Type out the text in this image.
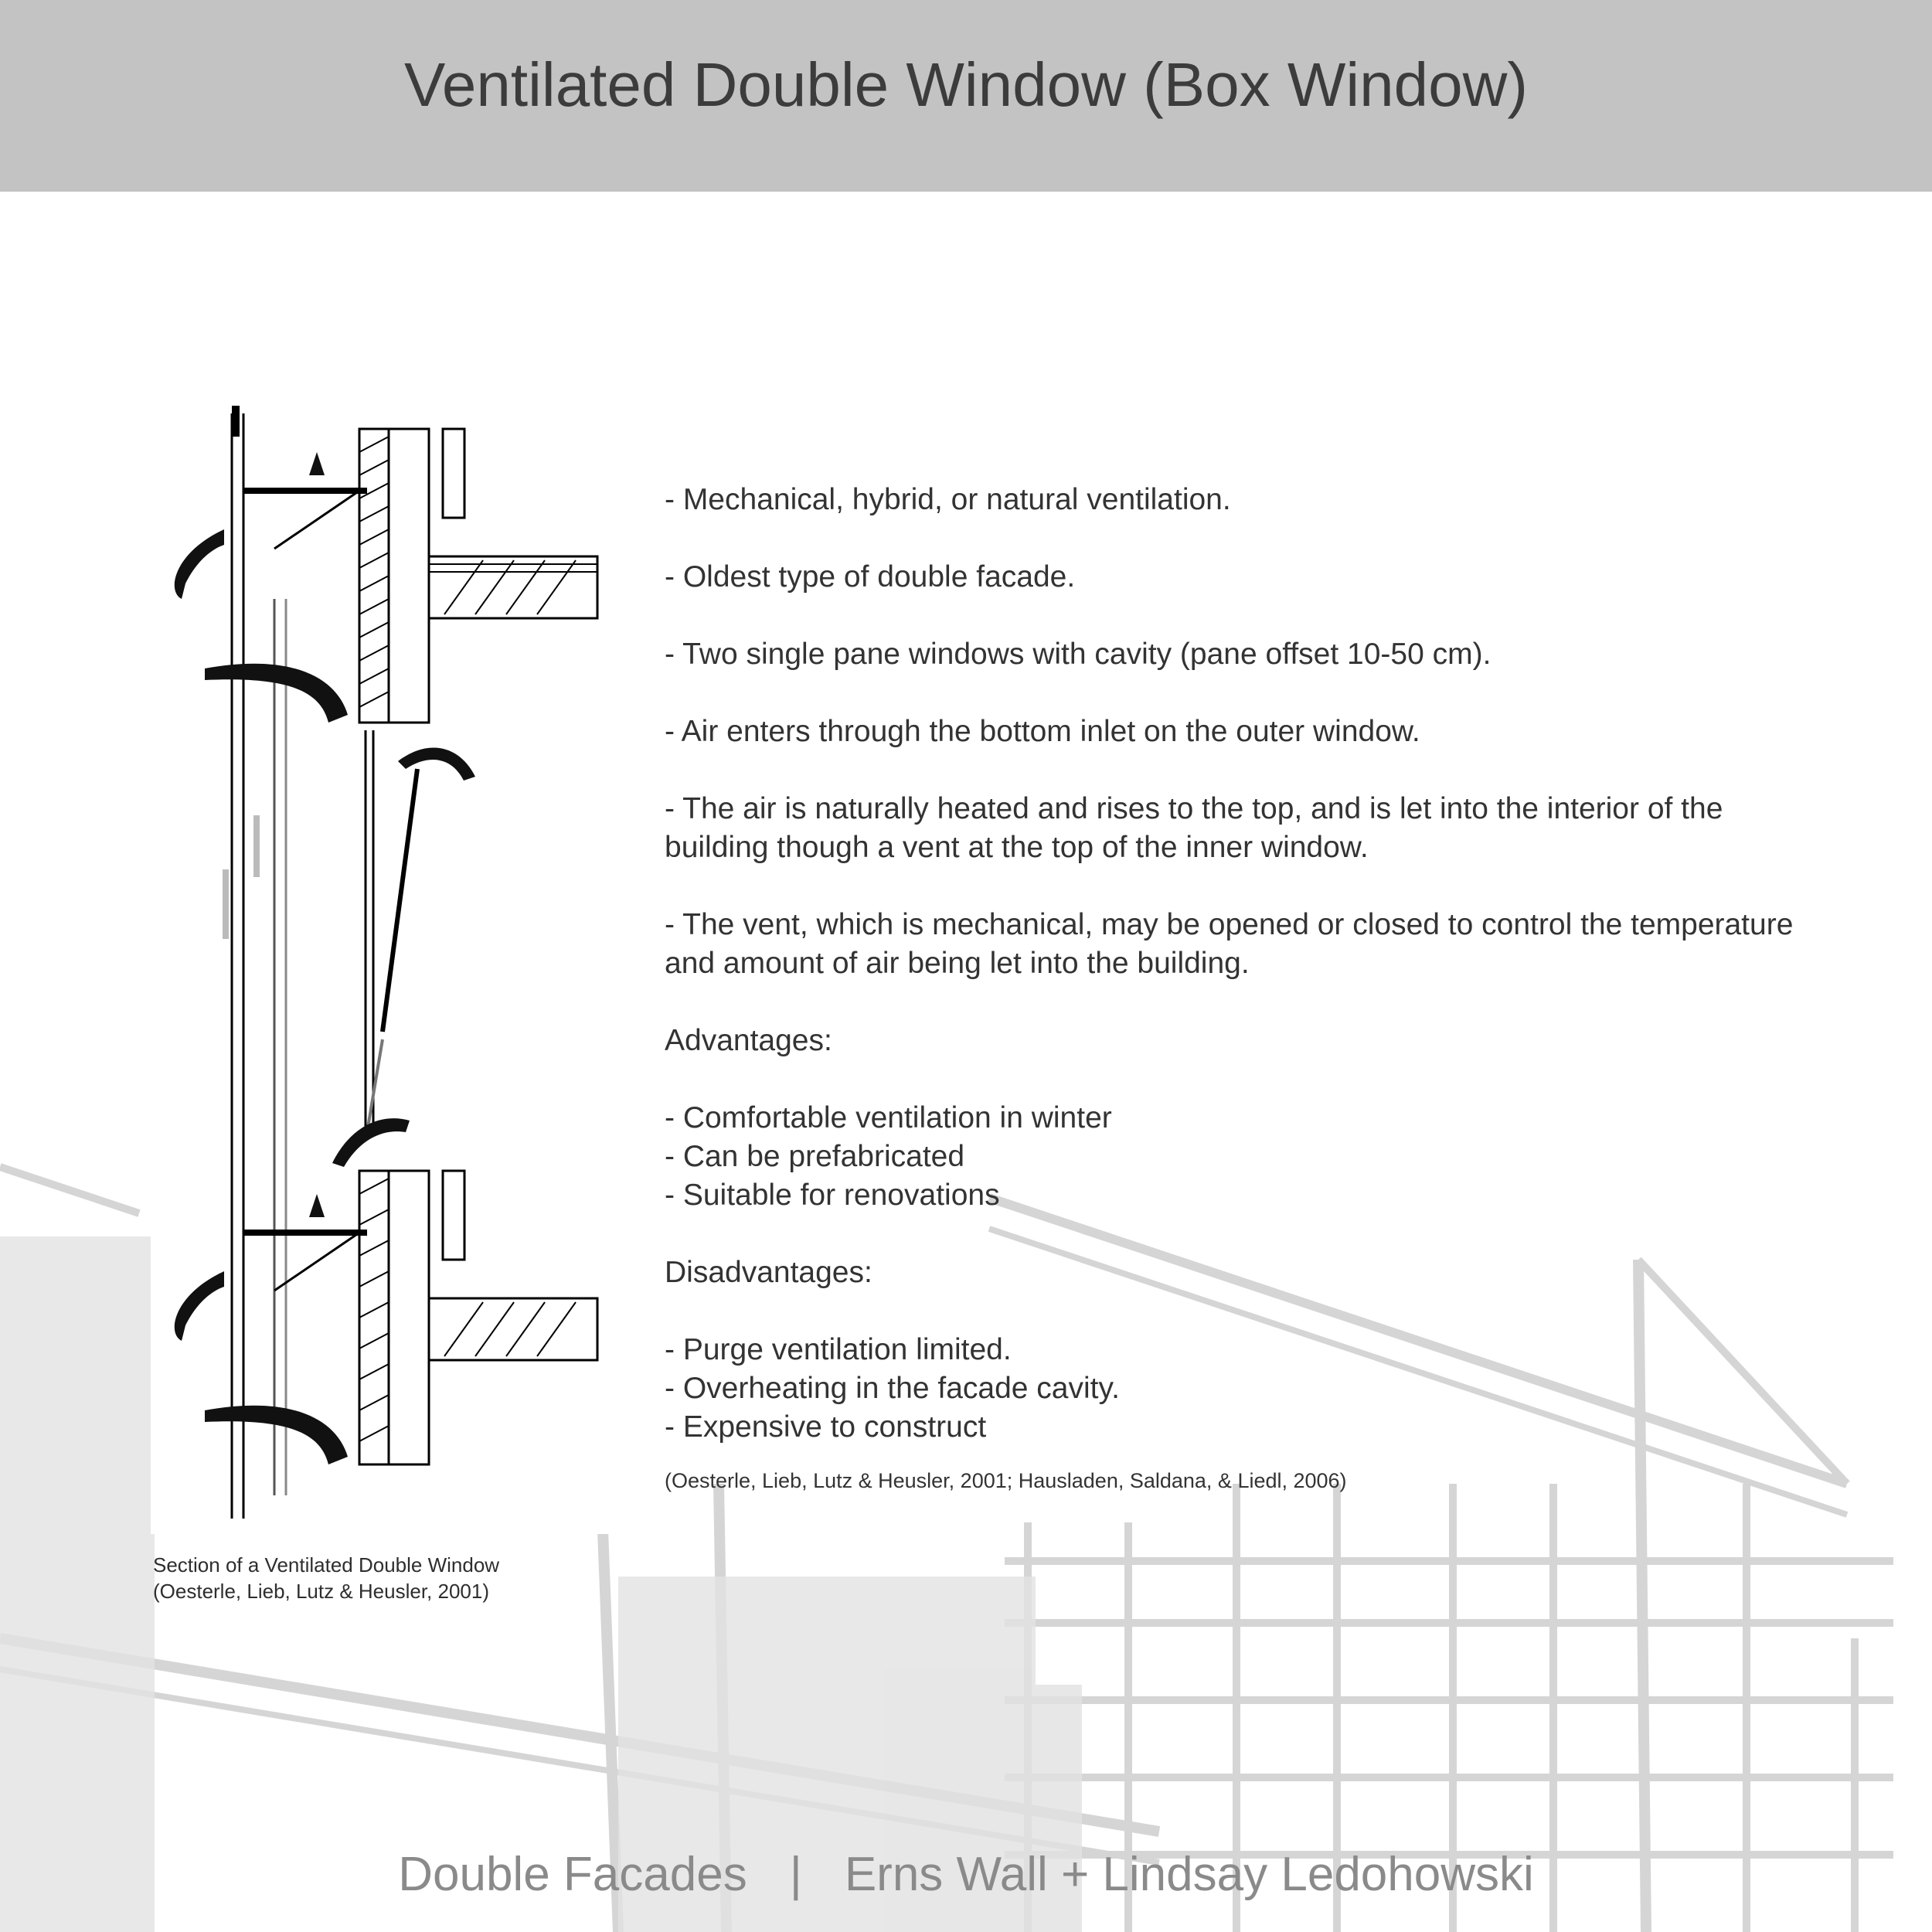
Ventilated Double Window (Box Window)
Section of a Ventilated Double Window
(Oesterle, Lieb, Lutz & Heusler, 2001)

- Mechanical, hybrid, or natural ventilation.

- Oldest type of double facade.

- Two single pane windows with cavity (pane offset 10-50 cm).

- Air enters through the bottom inlet on the outer window.

- The air is naturally heated and rises to the top, and is let into the interior of the building though a vent at the top of the inner window.

- The vent, which is mechanical, may be opened or closed to control the temperature and amount of air being let into the building.

Advantages:

- Comfortable ventilation in winter

- Can be prefabricated

- Suitable for renovations

Disadvantages:

- Purge ventilation limited.

- Overheating in the facade cavity.

- Expensive to construct

(Oesterle, Lieb, Lutz & Heusler, 2001; Hausladen, Saldana, & Liedl, 2006)
Double Facades | Erns Wall + Lindsay Ledohowski
